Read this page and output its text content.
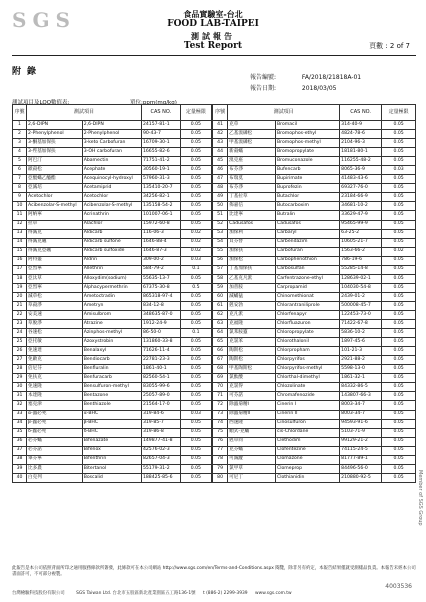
SGS	食品實驗室-台北
FOOD LAB-TAIPEI
測試報告
Test Report	頁數 : 2 of 7
附錄
報告編號:	FA/2018/21818A-01
報告日期:	2018/03/05
測試項目及LOQ數值表:	單位:ppm(mg/kg)
序號	測試項目		CAS NO.	定量極限
1	2,6-DIPN	2,6-DIPN	24157-81-1	0.05
2	2-Phenylphenol	2-Phenylphenol	90-43-7	0.05
3	3-酮基加保扶	3-keto Carbofuran	16709-30-1	0.05
4	3-羥基加保扶	3-OH carbofuran	16655-82-6	0.05
5	阿巴汀	Abamectin	71751-41-2	0.05
6	歐殺松	Acephate	30560-19-1	0.05
7	亞醌蟎乙醯酯	Acequinocyl-hydroxyl	57960-31-3	0.05
8	亞滅培	Acetamiprid	135410-20-7	0.05
9	Acetochlor	Acetochlor	34256-82-1	0.05
10	Acibenzolar-S-methyl	Acibenzolar-S-methyl	135158-54-2	0.05
11	阿納寧	Acrinathrin	101007-06-1	0.05
12	拉草	Alachlor	15972-60-8	0.05
13	得滅克	Aldicarb	116-06-3	0.02
14	得滅克碸	Aldicarb sulfone	1646-88-4	0.02
15	得滅克亞碸	Aldicarb sulfoxide	1646-87-3	0.02
16	阿特靈	Aldrin	309-00-2	0.03
17	亞烈寧	Allethrin	584-79-2	0.1
18	亞汰草	Alloxydim(sodium)	55635-13-7	0.05
19	亞烈寧	Alphacypermethrin	67375-30-8	0.5
20	滅草松	Ametoctradin	865318-97-4	0.05
21	草殺淨	Ametryn	834-12-8	0.05
22	安美速	Amisulbrom	348635-87-0	0.05
23	草脫淨	Atrazine	1912-24-9	0.05
24	谷速松	Azinphos-methyl	86-50-0	0.1
25	亞托敏	Azoxystrobin	131860-33-8	0.05
26	免速達	Benalaxyl	71626-11-4	0.05
27	免敵克	Bendiocarb	22781-23-3	0.05
28	倍尼芬	Benfluralin	1861-40-1	0.05
29	免扶克	Benfuracarb	82560-54-1	0.05
30	免速隆	Bensulfuron-methyl	83055-99-6	0.05
31	本達隆	Bentazone	25057-89-0	0.05
32	塞克津	Benthiazole	21564-17-0	0.05
33	α-蟲必死	α-BHC	319-84-6	0.03
34	β-蟲必死	β-BHC	319-85-7	0.05
35	δ-蟲必死	δ-BHC	319-86-8	0.05
36	必芬蟎	Bifenazate	149877-41-8	0.05
37	必芬諾	Bifenox	42576-02-3	0.05
38	畢芬寧	Bifenthrin	82657-04-3	0.05
39	比多農	Bitertanol	55179-31-2	0.05
40	白克列	Boscalid	188425-85-6	0.05
序號	測試項目		CAS NO.	定量極限
41	克草	Bromacil	314-40-9	0.05
42	乙基溴磷松	Bromophos-ethyl	4824-78-6	0.05
43	甲基溴磷松	Bromophos-methyl	2104-96-3	0.05
44	新殺蟎	Bromopropylate	18181-80-1	0.05
45	溴克座	Bromuconazole	116255-48-2	0.05
46	布芬淨	Bufencarb	8065-36-9	0.03
47	布瑞莫	Bupirimate	41483-43-6	0.05
48	布芬淨	Buprofezin	69327-76-0	0.05
49	丁基拉草	Butachlor	23184-66-9	0.05
50	佈嘉信	Butocarboxim	34681-10-2	0.05
51	比達寧	Butralin	33629-47-9	0.05
52	Cadusafos	Cadusafos	95465-99-9	0.05
53	加保利	Carbaryl	63-25-2	0.05
54	貝芬替	Carbendazim	10605-21-7	0.05
55	加保扶	Carbofuran	1563-66-2	0.02
56	加保松	Carbophenothion	786-19-6	0.05
57	丁基加保扶	Carbosulfan	55285-14-8	0.05
58	乙基克凡派	Carfentrazone-ethyl	128639-02-1	0.05
59	加普胺	Carpropamid	104030-54-8	0.05
60	滅蟎猛	Chinomethionat	2439-01-2	0.05
61	剋安勃	Chlorantraniliprole	500008-45-7	0.05
62	克凡派	Chlorfenapyr	122453-73-0	0.05
63	克福隆	Chlorfluazuron	71422-67-8	0.05
64	氯苯胺靈	Chloropropylate	5836-10-2	0.05
65	克氯苯	Chlorothalonil	1897-45-6	0.05
66	陶斯松	Chlorpropham	101-21-3	0.05
67	陶斯松	Chlorpyrifos	2921-88-2	0.05
68	甲基陶斯松	Chlorpyrifos-methyl	5598-13-0	0.05
69	氯酞酸	Chlorthal-dimethyl	1861-32-1	0.05
70	克氯得	Chlozolinate	84332-86-5	0.05
71	可芬諾	Chromafenozide	143807-66-3	0.05
72	除蟲菊精I	Cinerin I	8003-34-7	0.05
73	除蟲菊精II	Cinerin II	8003-34-7	0.05
74	西速隆	Cinosulfuron	94593-91-6	0.05
75	順式-克蟎	cis-Chlordane	5103-71-9	0.05
76	剋草同	Clethodim	99129-21-2	0.05
77	克芬蟎	Clofentezine	74115-24-5	0.05
78	可滅蹤	Clomazone	81777-89-1	0.05
79	氯甲草	Clomeprop	84496-56-0	0.05
80	可尼丁	Clothianidin	210880-92-5	0.05
此報告是本公司依照背面所印之通用服務條款所簽發，此條款可在本公司網站 http://www.sgs.com/en/Terms-and-Conditions.aspx 閱覽，除非另有約定，本報告結果僅就受測樣品負責。本報告未經本公司書面許可，不可部分複製。
台灣檢驗科技股份有限公司	SGS Taiwan Ltd. 台北市五股區新北產業園區五工路136-1號 t (886-2) 2299-3939 www.sgs.com.tw
4003536
Member of SGS Group
